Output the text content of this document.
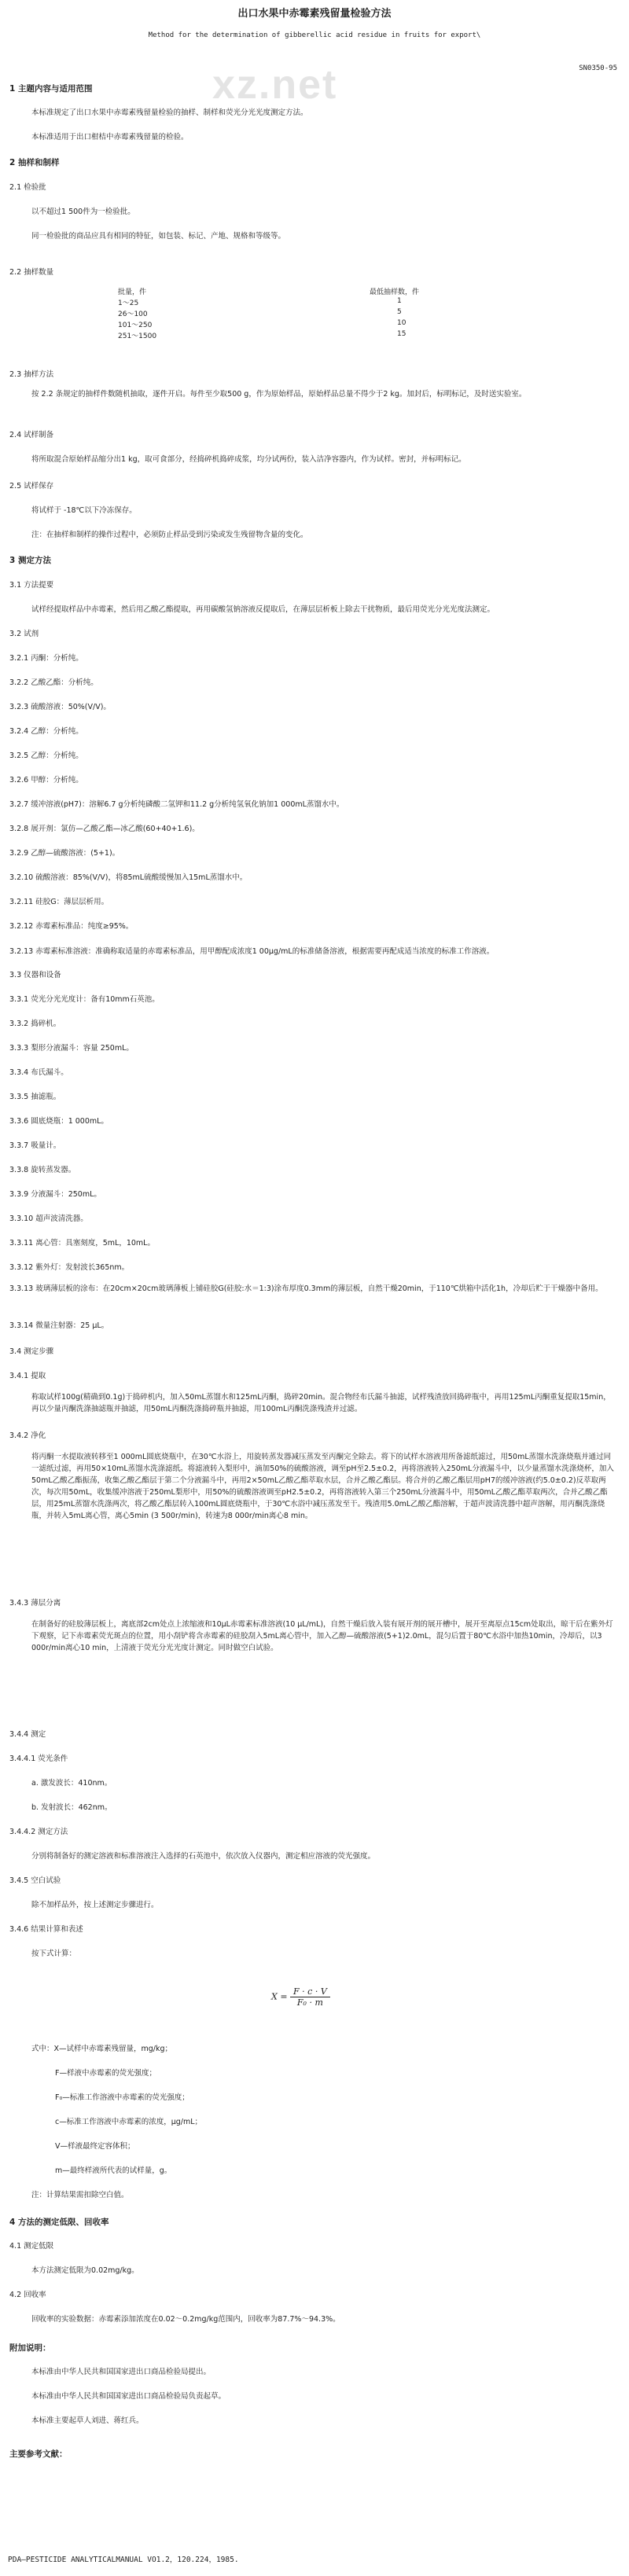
xz.net
出口水果中赤霉素残留量检验方法
Method for the determination of gibberellic acid residue in fruits for export\
SN0350-95
1 主题内容与适用范围
本标准规定了出口水果中赤霉素残留量检验的抽样、制样和荧光分光光度测定方法。
本标准适用于出口柑桔中赤霉素残留量的检验。
2 抽样和制样
2.1 检验批
以不超过1 500件为一检验批。
同一检验批的商品应具有相同的特征，如包装、标记、产地、规格和等级等。
2.2 抽样数量
2.3 抽样方法
按 2.2 条规定的抽样件数随机抽取，逐件开启。每件至少取500 g，作为原始样品，原始样品总量不得少于2 kg。加封后，标明标记，及时送实验室。
2.4 试样制备
将所取混合原始样品缩分出1 kg，取可食部分，经捣碎机捣碎成浆，均分试两份，装入洁净容器内，作为试样。密封，并标明标记。
2.5 试样保存
将试样于 -18℃以下冷冻保存。
注：在抽样和制样的操作过程中，必须防止样品受到污染或发生残留物含量的变化。
3 测定方法
3.1 方法提要
试样经提取样品中赤霉素，然后用乙酸乙酯提取，再用碳酸氢钠溶液反提取后，在薄层层析板上除去干扰物质，最后用荧光分光光度法测定。
3.2 试剂
3.2.1 丙酮：分析纯。
3.2.2 乙酸乙酯：分析纯。
3.2.3 硫酸溶液：50%(V/V)。
3.2.4 乙醇：分析纯。
3.2.5 乙醇：分析纯。
3.2.6 甲醇：分析纯。
3.2.7 缓冲溶液(pH7)：溶解6.7 g分析纯磷酸二氢钾和11.2 g分析纯氢氧化钠加1 000mL蒸馏水中。
3.2.8 展开剂：氯仿—乙酸乙酯—冰乙酸(60+40+1.6)。
3.2.9 乙醇—硫酸溶液：(5+1)。
3.2.10 硫酸溶液：85%(V/V)，将85mL硫酸缓慢加入15mL蒸馏水中。
3.2.11 硅胶G：薄层层析用。
3.2.12 赤霉素标准品：纯度≥95%。
3.2.13 赤霉素标准溶液：准确称取适量的赤霉素标准品，用甲醇配成浓度1 00μg/mL的标准储备溶液，根据需要再配成适当浓度的标准工作溶液。
3.3 仪器和设备
3.3.1 荧光分光光度计：备有10mm石英池。
3.3.2 捣碎机。
3.3.3 梨形分液漏斗：容量 250mL。
3.3.4 布氏漏斗。
3.3.5 抽滤瓶。
3.3.6 圆底烧瓶：1 000mL。
3.3.7 吸量计。
3.3.8 旋转蒸发器。
3.3.9 分液漏斗：250mL。
3.3.10 超声波清洗器。
3.3.11 离心管：具塞刻度，5mL，10mL。
3.3.12 紫外灯：发射波长365nm。
3.3.13 玻璃薄层板的涂布：在20cm×20cm玻璃薄板上铺硅胶G(硅胶:水＝1:3)涂布厚度0.3mm的薄层板，自然干燥20min，于110℃烘箱中活化1h，冷却后贮于干燥器中备用。
3.3.14 微量注射器：25 μL。
3.4 测定步骤
3.4.1 提取
称取试样100g(精确到0.1g)于捣碎机内，加入50mL蒸馏水和125mL丙酮，捣碎20min。混合物经布氏漏斗抽滤，试样残渣放回捣碎瓶中，再用125mL丙酮重复提取15min，再以少量丙酮洗涤抽滤瓶并抽滤，用50mL丙酮洗涤捣碎瓶并抽滤，用100mL丙酮洗涤残渣并过滤。
3.4.2 净化
将丙酮一水提取液转移至1 000mL圆底烧瓶中，在30℃水浴上，用旋转蒸发器减压蒸发至丙酮完全除去。将下的试样水溶液用所备滤纸滤过，用50mL蒸馏水洗涤烧瓶并通过同一滤纸过滤，再用50×10mL蒸馏水洗涤滤纸。将滤液转入梨形中，滴加50%的硫酸溶液，调至pH至2.5±0.2，再将溶液转入250mL分液漏斗中，以少量蒸馏水洗涤烧杯，加入50mL乙酸乙酯振荡，收集乙酸乙酯层于第二个分液漏斗中，再用2×50mL乙酸乙酯萃取水层，合并乙酸乙酯层。将合并的乙酸乙酯层用pH7的缓冲溶液(约5.0±0.2)反萃取两次，每次用50mL，收集缓冲溶液于250mL梨形中，用50%的硫酸溶液调至pH2.5±0.2，再将溶液转入第三个250mL分液漏斗中，用50mL乙酸乙酯萃取两次，合并乙酸乙酯层，用25mL蒸馏水洗涤两次，将乙酸乙酯层转入100mL圆底烧瓶中，于30℃水浴中减压蒸发至干。残渣用5.0mL乙酸乙酯溶解，于超声波清洗器中超声溶解，用丙酮洗涤烧瓶，并转入5mL离心管，离心5min (3 500r/min)，转速为8 000r/min离心8 min。
3.4.3 薄层分离
在制备好的硅胶薄层板上，离底部2cm处点上浓缩液和10μL赤霉素标准溶液(10 μL/mL)，自然干燥后放入装有展开剂的展开槽中，展开至离原点15cm处取出，晾干后在紫外灯下观察，记下赤霉素荧光斑点的位置，用小刮铲将含赤霉素的硅胶刮入5mL离心管中，加入乙醇—硫酸溶液(5+1)2.0mL，混匀后置于80℃水浴中加热10min，冷却后，以3 000r/min离心10 min，上清液于荧光分光光度计测定。同时做空白试验。
3.4.4 测定
3.4.4.1 荧光条件
a. 激发波长：410nm。
b. 发射波长：462nm。
3.4.4.2 测定方法
分别将制备好的测定溶液和标准溶液注入选择的石英池中，依次放入仪器内，测定相应溶液的荧光强度。
3.4.5 空白试验
除不加样品外，按上述测定步骤进行。
3.4.6 结果计算和表述
按下式计算：
式中：X—试样中赤霉素残留量，mg/kg；
F—样液中赤霉素的荧光强度；
F₀—标准工作溶液中赤霉素的荧光强度；
c—标准工作溶液中赤霉素的浓度，μg/mL；
V—样液最终定容体积；
m—最终样液所代表的试样量，g。
注：计算结果需扣除空白值。
4 方法的测定低限、回收率
4.1 测定低限
本方法测定低限为0.02mg/kg。
4.2 回收率
回收率的实验数据：赤霉素添加浓度在0.02～0.2mg/kg范围内，回收率为87.7%～94.3%。
附加说明：
本标准由中华人民共和国国家进出口商品检验局提出。
本标准由中华人民共和国国家进出口商品检验局负责起草。
本标准主要起草人刘进、蒋红兵。
主要参考文献：
PDA—PESTICIDE ANALYTICALMANUAL VO1.2，120.224，1985.
批量，件	最低抽样数，件
1～25	1
26～100	5
101～250	10
251～1500	15
$X = \frac{F \cdot c \cdot V}{\text{F₀ · m}}$
